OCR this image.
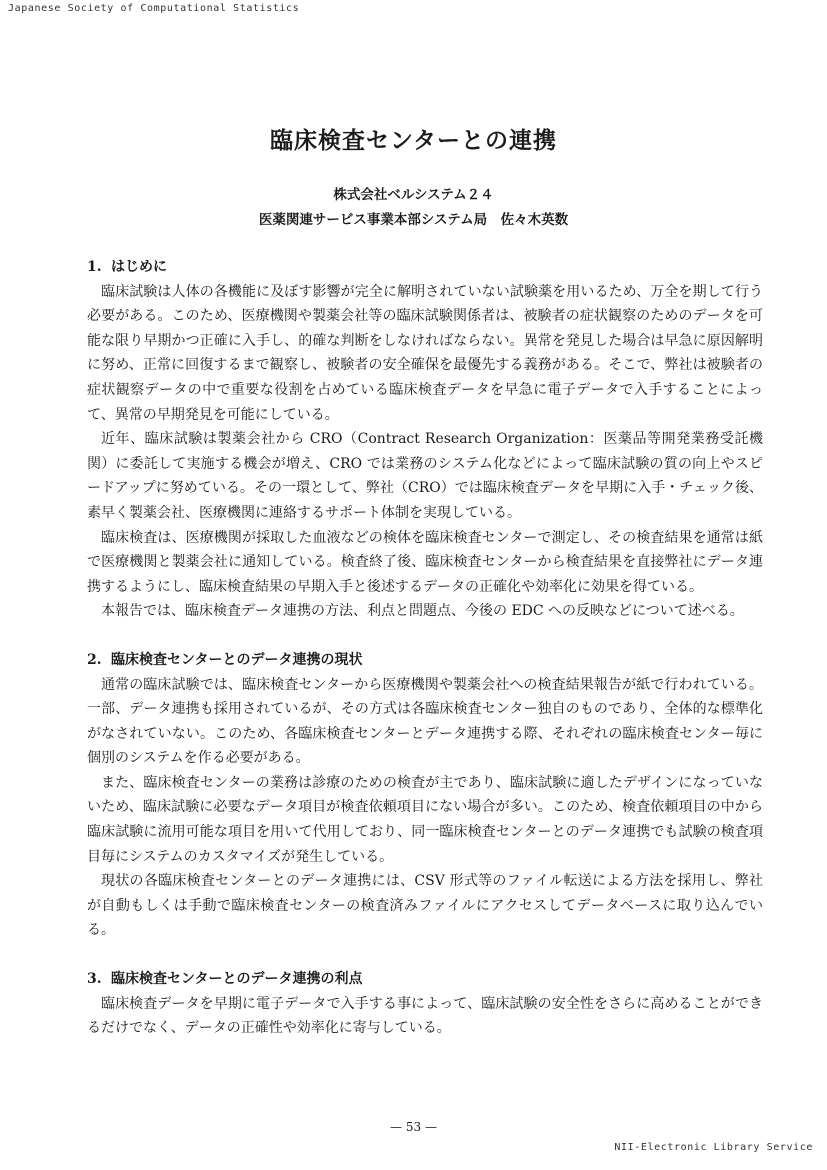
Japanese Society of Computational Statistics
臨床検査センターとの連携
株式会社ベルシステム２４
医薬関連サービス事業本部システム局　佐々木英数
1. はじめに

臨床試験は人体の各機能に及ぼす影響が完全に解明されていない試験薬を用いるため、万全を期して行う必要がある。このため、医療機関や製薬会社等の臨床試験関係者は、被験者の症状観察のためのデータを可能な限り早期かつ正確に入手し、的確な判断をしなければならない。異常を発見した場合は早急に原因解明に努め、正常に回復するまで観察し、被験者の安全確保を最優先する義務がある。そこで、弊社は被験者の症状観察データの中で重要な役割を占めている臨床検査データを早急に電子データで入手することによって、異常の早期発見を可能にしている。

近年、臨床試験は製薬会社から CRO（Contract Research Organization：医薬品等開発業務受託機関）に委託して実施する機会が増え、CRO では業務のシステム化などによって臨床試験の質の向上やスピードアップに努めている。その一環として、弊社（CRO）では臨床検査データを早期に入手・チェック後、素早く製薬会社、医療機関に連絡するサポート体制を実現している。

臨床検査は、医療機関が採取した血液などの検体を臨床検査センターで測定し、その検査結果を通常は紙で医療機関と製薬会社に通知している。検査終了後、臨床検査センターから検査結果を直接弊社にデータ連携するようにし、臨床検査結果の早期入手と後述するデータの正確化や効率化に効果を得ている。

本報告では、臨床検査データ連携の方法、利点と問題点、今後の EDC への反映などについて述べる。

2. 臨床検査センターとのデータ連携の現状

通常の臨床試験では、臨床検査センターから医療機関や製薬会社への検査結果報告が紙で行われている。一部、データ連携も採用されているが、その方式は各臨床検査センター独自のものであり、全体的な標準化がなされていない。このため、各臨床検査センターとデータ連携する際、それぞれの臨床検査センター毎に個別のシステムを作る必要がある。

また、臨床検査センターの業務は診療のための検査が主であり、臨床試験に適したデザインになっていないため、臨床試験に必要なデータ項目が検査依頼項目にない場合が多い。このため、検査依頼項目の中から臨床試験に流用可能な項目を用いて代用しており、同一臨床検査センターとのデータ連携でも試験の検査項目毎にシステムのカスタマイズが発生している。

現状の各臨床検査センターとのデータ連携には、CSV 形式等のファイル転送による方法を採用し、弊社が自動もしくは手動で臨床検査センターの検査済みファイルにアクセスしてデータベースに取り込んでいる。

3. 臨床検査センターとのデータ連携の利点

臨床検査データを早期に電子データで入手する事によって、臨床試験の安全性をさらに高めることができるだけでなく、データの正確性や効率化に寄与している。

— 53 —
NII-Electronic Library Service
